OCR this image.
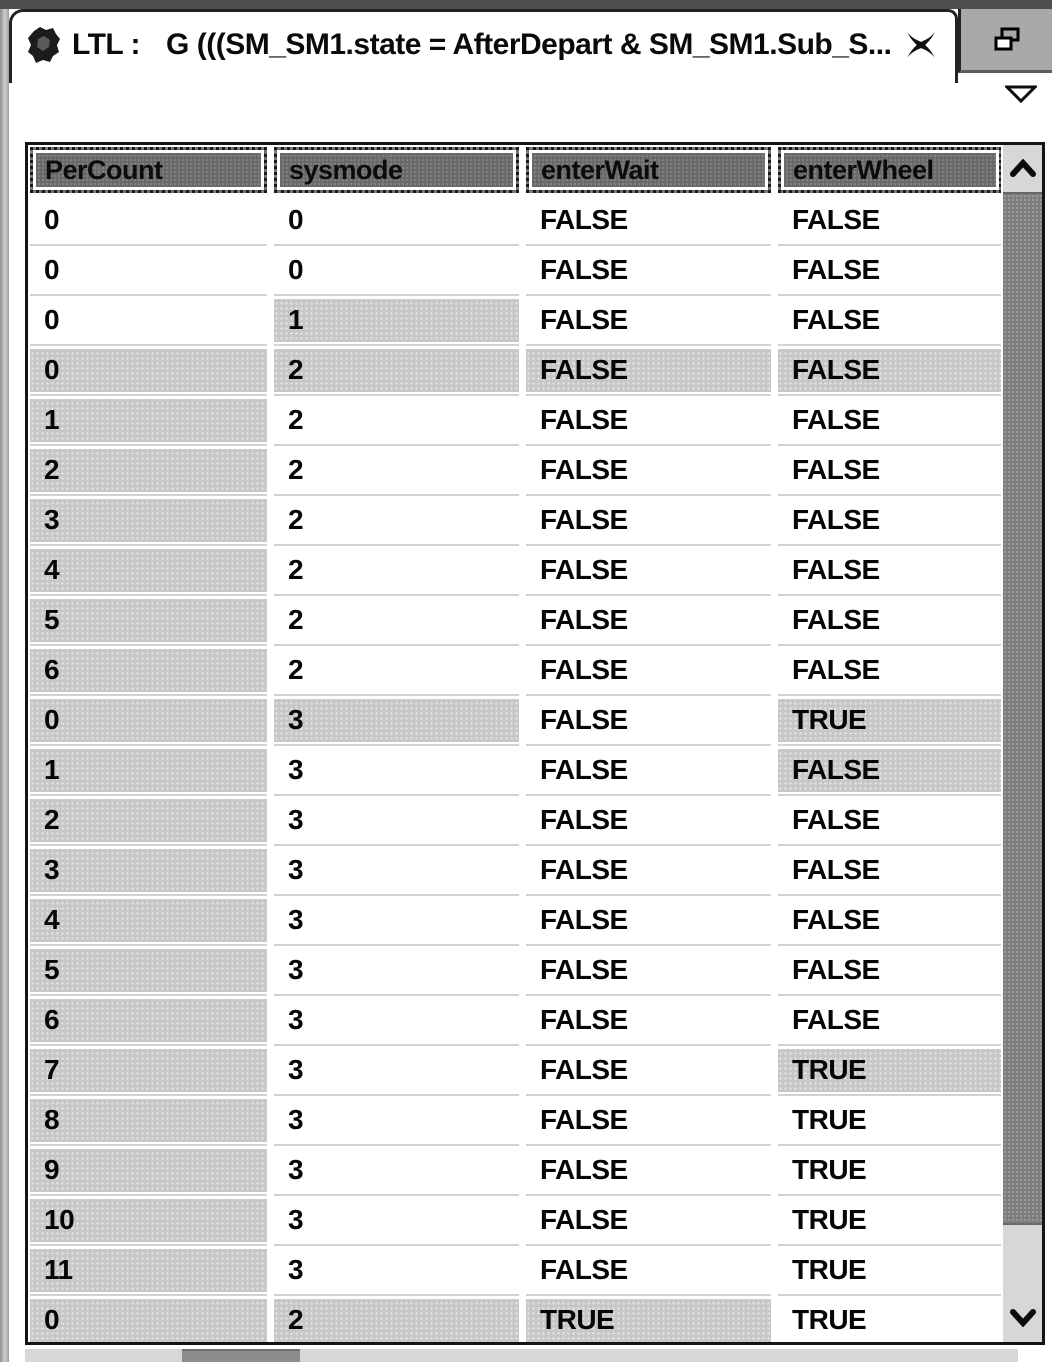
LTL : G (((SM_SM1.state = AfterDepart & SM_SM1.Sub_S...
PerCount	sysmode	enterWait	enterWheel
0	0	FALSE	FALSE
0	0	FALSE	FALSE
0	1	FALSE	FALSE
0	2	FALSE	FALSE
1	2	FALSE	FALSE
2	2	FALSE	FALSE
3	2	FALSE	FALSE
4	2	FALSE	FALSE
5	2	FALSE	FALSE
6	2	FALSE	FALSE
0	3	FALSE	TRUE
1	3	FALSE	FALSE
2	3	FALSE	FALSE
3	3	FALSE	FALSE
4	3	FALSE	FALSE
5	3	FALSE	FALSE
6	3	FALSE	FALSE
7	3	FALSE	TRUE
8	3	FALSE	TRUE
9	3	FALSE	TRUE
10	3	FALSE	TRUE
11	3	FALSE	TRUE
0	2	TRUE	TRUE
